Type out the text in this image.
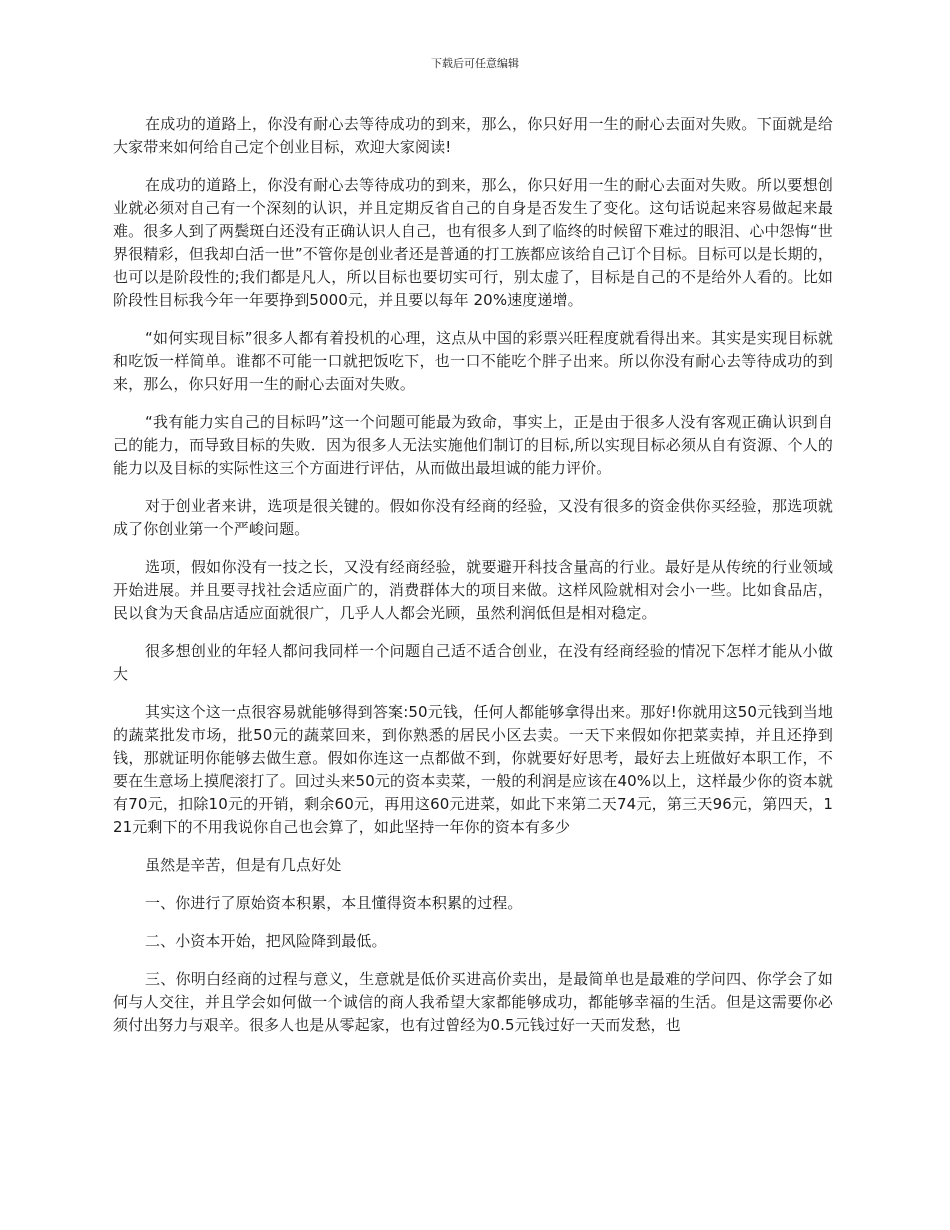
下载后可任意编辑

在成功的道路上，你没有耐心去等待成功的到来，那么，你只好用一生的耐心去面对失败。下面就是给大家带来如何给自己定个创业目标，欢迎大家阅读!

在成功的道路上，你没有耐心去等待成功的到来，那么，你只好用一生的耐心去面对失败。所以要想创业就必须对自己有一个深刻的认识，并且定期反省自己的自身是否发生了变化。这句话说起来容易做起来最难。很多人到了两鬓斑白还没有正确认识人自己，也有很多人到了临终的时候留下难过的眼泪、心中怨悔“世界很精彩，但我却白活一世”不管你是创业者还是普通的打工族都应该给自己订个目标。目标可以是长期的，也可以是阶段性的;我们都是凡人，所以目标也要切实可行，别太虚了，目标是自己的不是给外人看的。比如阶段性目标我今年一年要挣到5000元，并且要以每年 20%速度递增。

“如何实现目标”很多人都有着投机的心理，这点从中国的彩票兴旺程度就看得出来。其实是实现目标就和吃饭一样简单。谁都不可能一口就把饭吃下，也一口不能吃个胖子出来。所以你没有耐心去等待成功的到来，那么，你只好用一生的耐心去面对失败。

“我有能力实自己的目标吗”这一个问题可能最为致命，事实上，正是由于很多人没有客观正确认识到自己的能力，而导致目标的失败．因为很多人无法实施他们制订的目标,所以实现目标必须从自有资源、个人的能力以及目标的实际性这三个方面进行评估，从而做出最坦诚的能力评价。

对于创业者来讲，选项是很关键的。假如你没有经商的经验，又没有很多的资金供你买经验，那选项就成了你创业第一个严峻问题。

选项，假如你没有一技之长，又没有经商经验，就要避开科技含量高的行业。最好是从传统的行业领域开始进展。并且要寻找社会适应面广的，消费群体大的项目来做。这样风险就相对会小一些。比如食品店，民以食为天食品店适应面就很广，几乎人人都会光顾，虽然利润低但是相对稳定。

很多想创业的年轻人都问我同样一个问题自己适不适合创业，在没有经商经验的情况下怎样才能从小做大

其实这个这一点很容易就能够得到答案:50元钱，任何人都能够拿得出来。那好!你就用这50元钱到当地的蔬菜批发市场，批50元的蔬菜回来，到你熟悉的居民小区去卖。一天下来假如你把菜卖掉，并且还挣到钱，那就证明你能够去做生意。假如你连这一点都做不到，你就要好好思考，最好去上班做好本职工作，不要在生意场上摸爬滚打了。回过头来50元的资本卖菜，一般的利润是应该在40%以上，这样最少你的资本就有70元，扣除10元的开销，剩余60元，再用这60元进菜，如此下来第二天74元，第三天96元，第四天，121元剩下的不用我说你自己也会算了，如此坚持一年你的资本有多少

虽然是辛苦，但是有几点好处

一、你进行了原始资本积累，本且懂得资本积累的过程。

二、小资本开始，把风险降到最低。

三、你明白经商的过程与意义，生意就是低价买进高价卖出，是最简单也是最难的学问四、你学会了如何与人交往，并且学会如何做一个诚信的商人我希望大家都能够成功，都能够幸福的生活。但是这需要你必须付出努力与艰辛。很多人也是从零起家，也有过曾经为0.5元钱过好一天而发愁，也
